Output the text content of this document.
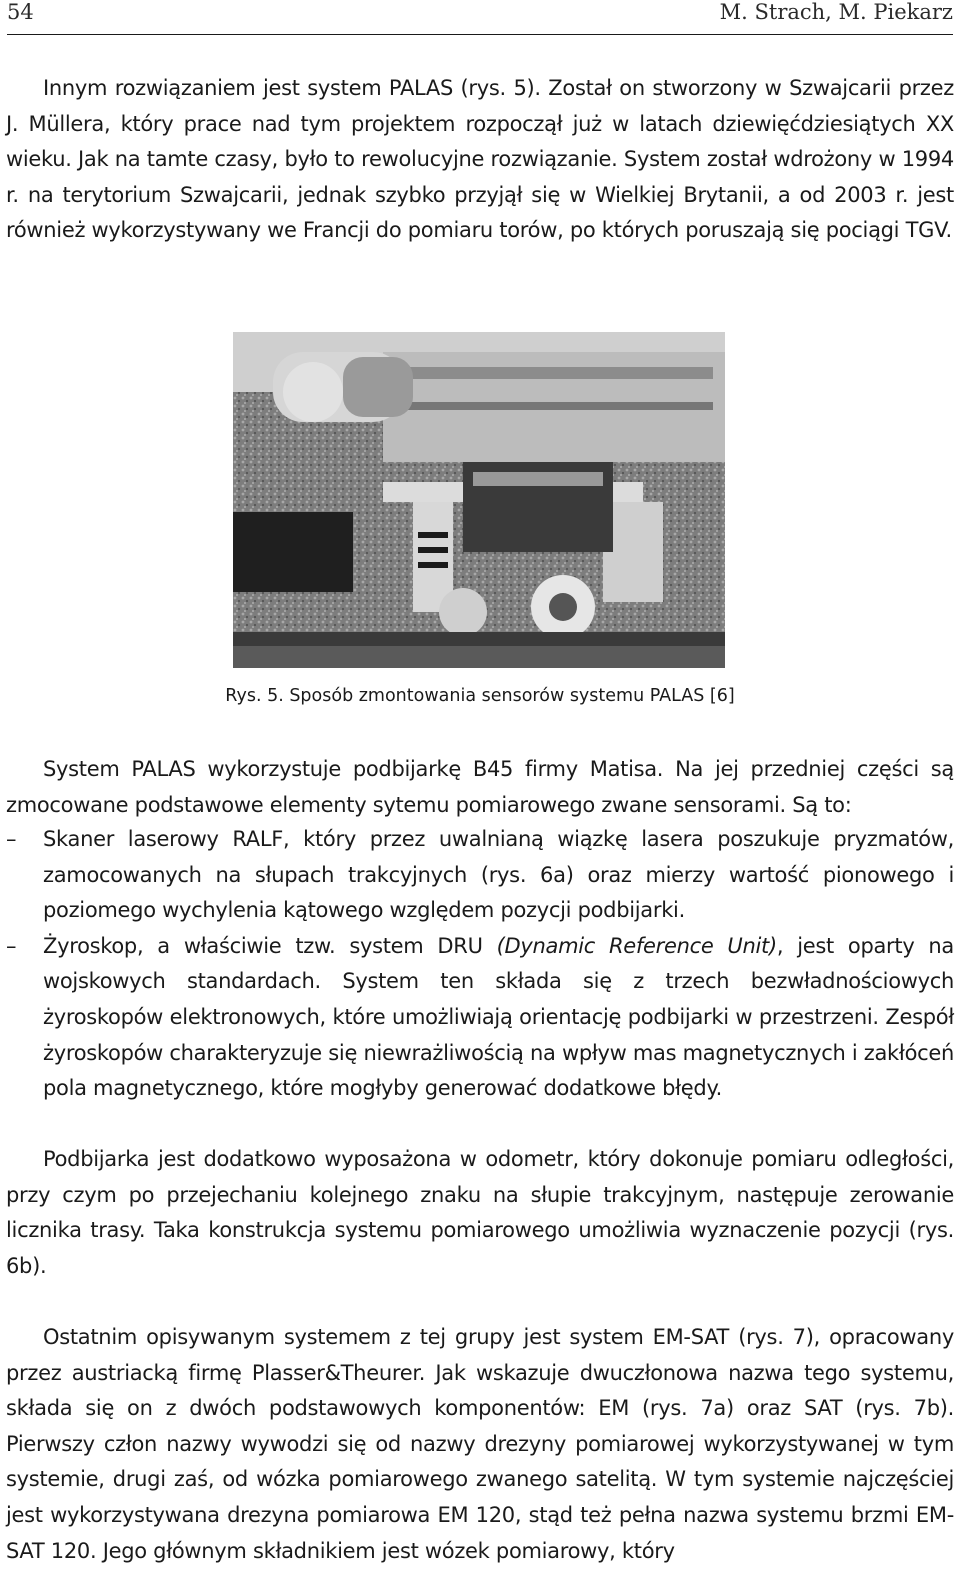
54	M. Strach, M. Piekarz

Innym rozwiązaniem jest system PALAS (rys. 5). Został on stworzony w Szwajcarii przez J. Müllera, który prace nad tym projektem rozpoczął już w latach dziewięćdziesiątych XX wieku. Jak na tamte czasy, było to rewolucyjne rozwiązanie. System został wdrożony w 1994 r. na terytorium Szwajcarii, jednak szybko przyjął się w Wielkiej Brytanii, a od 2003 r. jest również wykorzystywany we Francji do pomiaru torów, po których poruszają się pociągi TGV.

Rys. 5. Sposób zmontowania sensorów systemu PALAS [6]

System PALAS wykorzystuje podbijarkę B45 firmy Matisa. Na jej przedniej części są zmocowane podstawowe elementy sytemu pomiarowego zwane sensorami. Są to:

– Skaner laserowy RALF, który przez uwalnianą wiązkę lasera poszukuje pryzmatów, zamocowanych na słupach trakcyjnych (rys. 6a) oraz mierzy wartość pionowego i poziomego wychylenia kątowego względem pozycji podbijarki.
– Żyroskop, a właściwie tzw. system DRU (Dynamic Reference Unit), jest oparty na wojskowych standardach. System ten składa się z trzech bezwładnościowych żyroskopów elektronowych, które umożliwiają orientację podbijarki w przestrzeni. Zespół żyroskopów charakteryzuje się niewrażliwością na wpływ mas magnetycznych i zakłóceń pola magnetycznego, które mogłyby generować dodatkowe błędy.

Podbijarka jest dodatkowo wyposażona w odometr, który dokonuje pomiaru odległości, przy czym po przejechaniu kolejnego znaku na słupie trakcyjnym, następuje zerowanie licznika trasy. Taka konstrukcja systemu pomiarowego umożliwia wyznaczenie pozycji (rys. 6b).

Ostatnim opisywanym systemem z tej grupy jest system EM-SAT (rys. 7), opracowany przez austriacką firmę Plasser&Theurer. Jak wskazuje dwuczłonowa nazwa tego systemu, składa się on z dwóch podstawowych komponentów: EM (rys. 7a) oraz SAT (rys. 7b). Pierwszy człon nazwy wywodzi się od nazwy drezyny pomiarowej wykorzystywanej w tym systemie, drugi zaś, od wózka pomiarowego zwanego satelitą. W tym systemie najczęściej jest wykorzystywana drezyna pomiarowa EM 120, stąd też pełna nazwa systemu brzmi EM-SAT 120. Jego głównym składnikiem jest wózek pomiarowy, który
